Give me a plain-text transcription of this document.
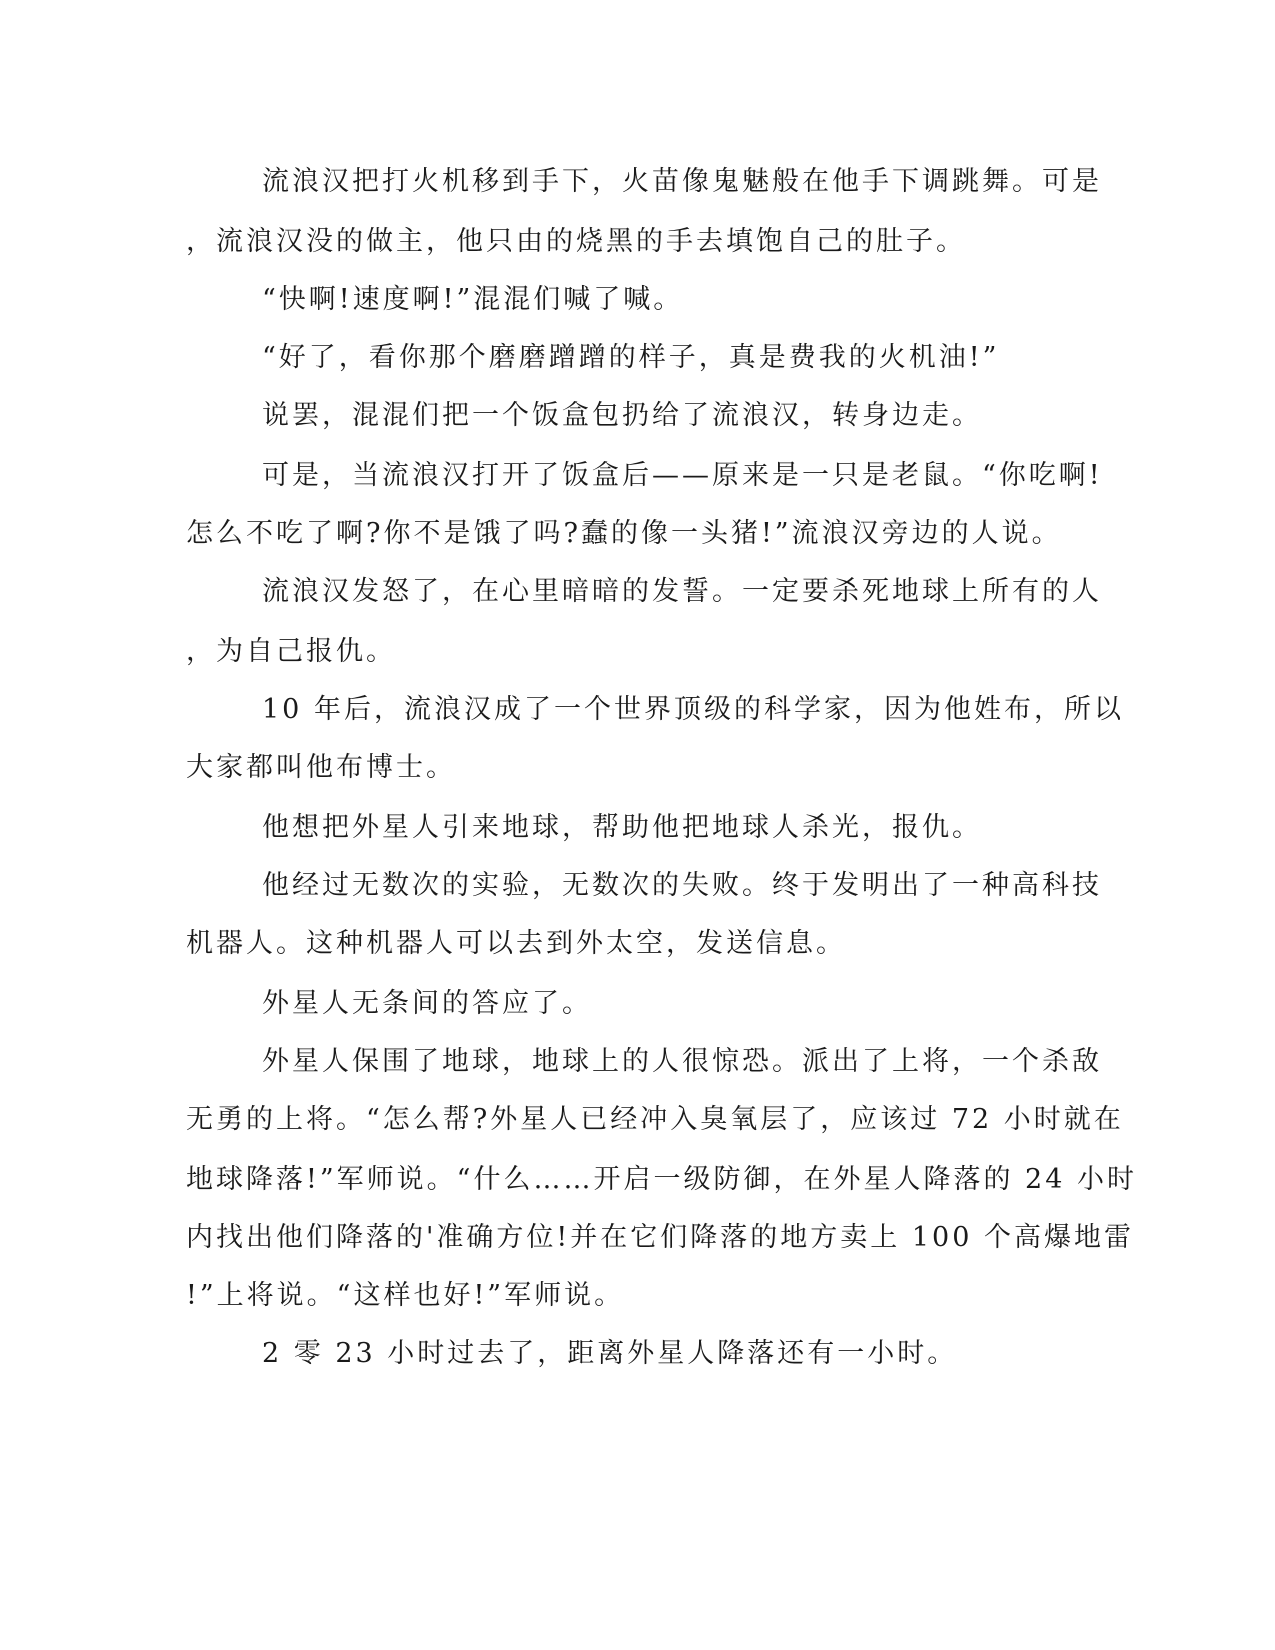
流浪汉把打火机移到手下，火苗像鬼魅般在他手下调跳舞。可是
，流浪汉没的做主，他只由的烧黑的手去填饱自己的肚子。
“快啊!速度啊!”混混们喊了喊。
“好了，看你那个磨磨蹭蹭的样子，真是费我的火机油!”
说罢，混混们把一个饭盒包扔给了流浪汉，转身边走。
可是，当流浪汉打开了饭盒后——原来是一只是老鼠。“你吃啊!
怎么不吃了啊?你不是饿了吗?蠢的像一头猪!”流浪汉旁边的人说。
流浪汉发怒了，在心里暗暗的发誓。一定要杀死地球上所有的人
，为自己报仇。
10 年后，流浪汉成了一个世界顶级的科学家，因为他姓布，所以
大家都叫他布博士。
他想把外星人引来地球，帮助他把地球人杀光，报仇。
他经过无数次的实验，无数次的失败。终于发明出了一种高科技
机器人。这种机器人可以去到外太空，发送信息。
外星人无条间的答应了。
外星人保围了地球，地球上的人很惊恐。派出了上将，一个杀敌
无勇的上将。“怎么帮?外星人已经冲入臭氧层了，应该过 72 小时就在
地球降落!”军师说。“什么……开启一级防御，在外星人降落的 24 小时
内找出他们降落的'准确方位!并在它们降落的地方卖上 100 个高爆地雷
!”上将说。“这样也好!”军师说。
2 零 23 小时过去了，距离外星人降落还有一小时。
